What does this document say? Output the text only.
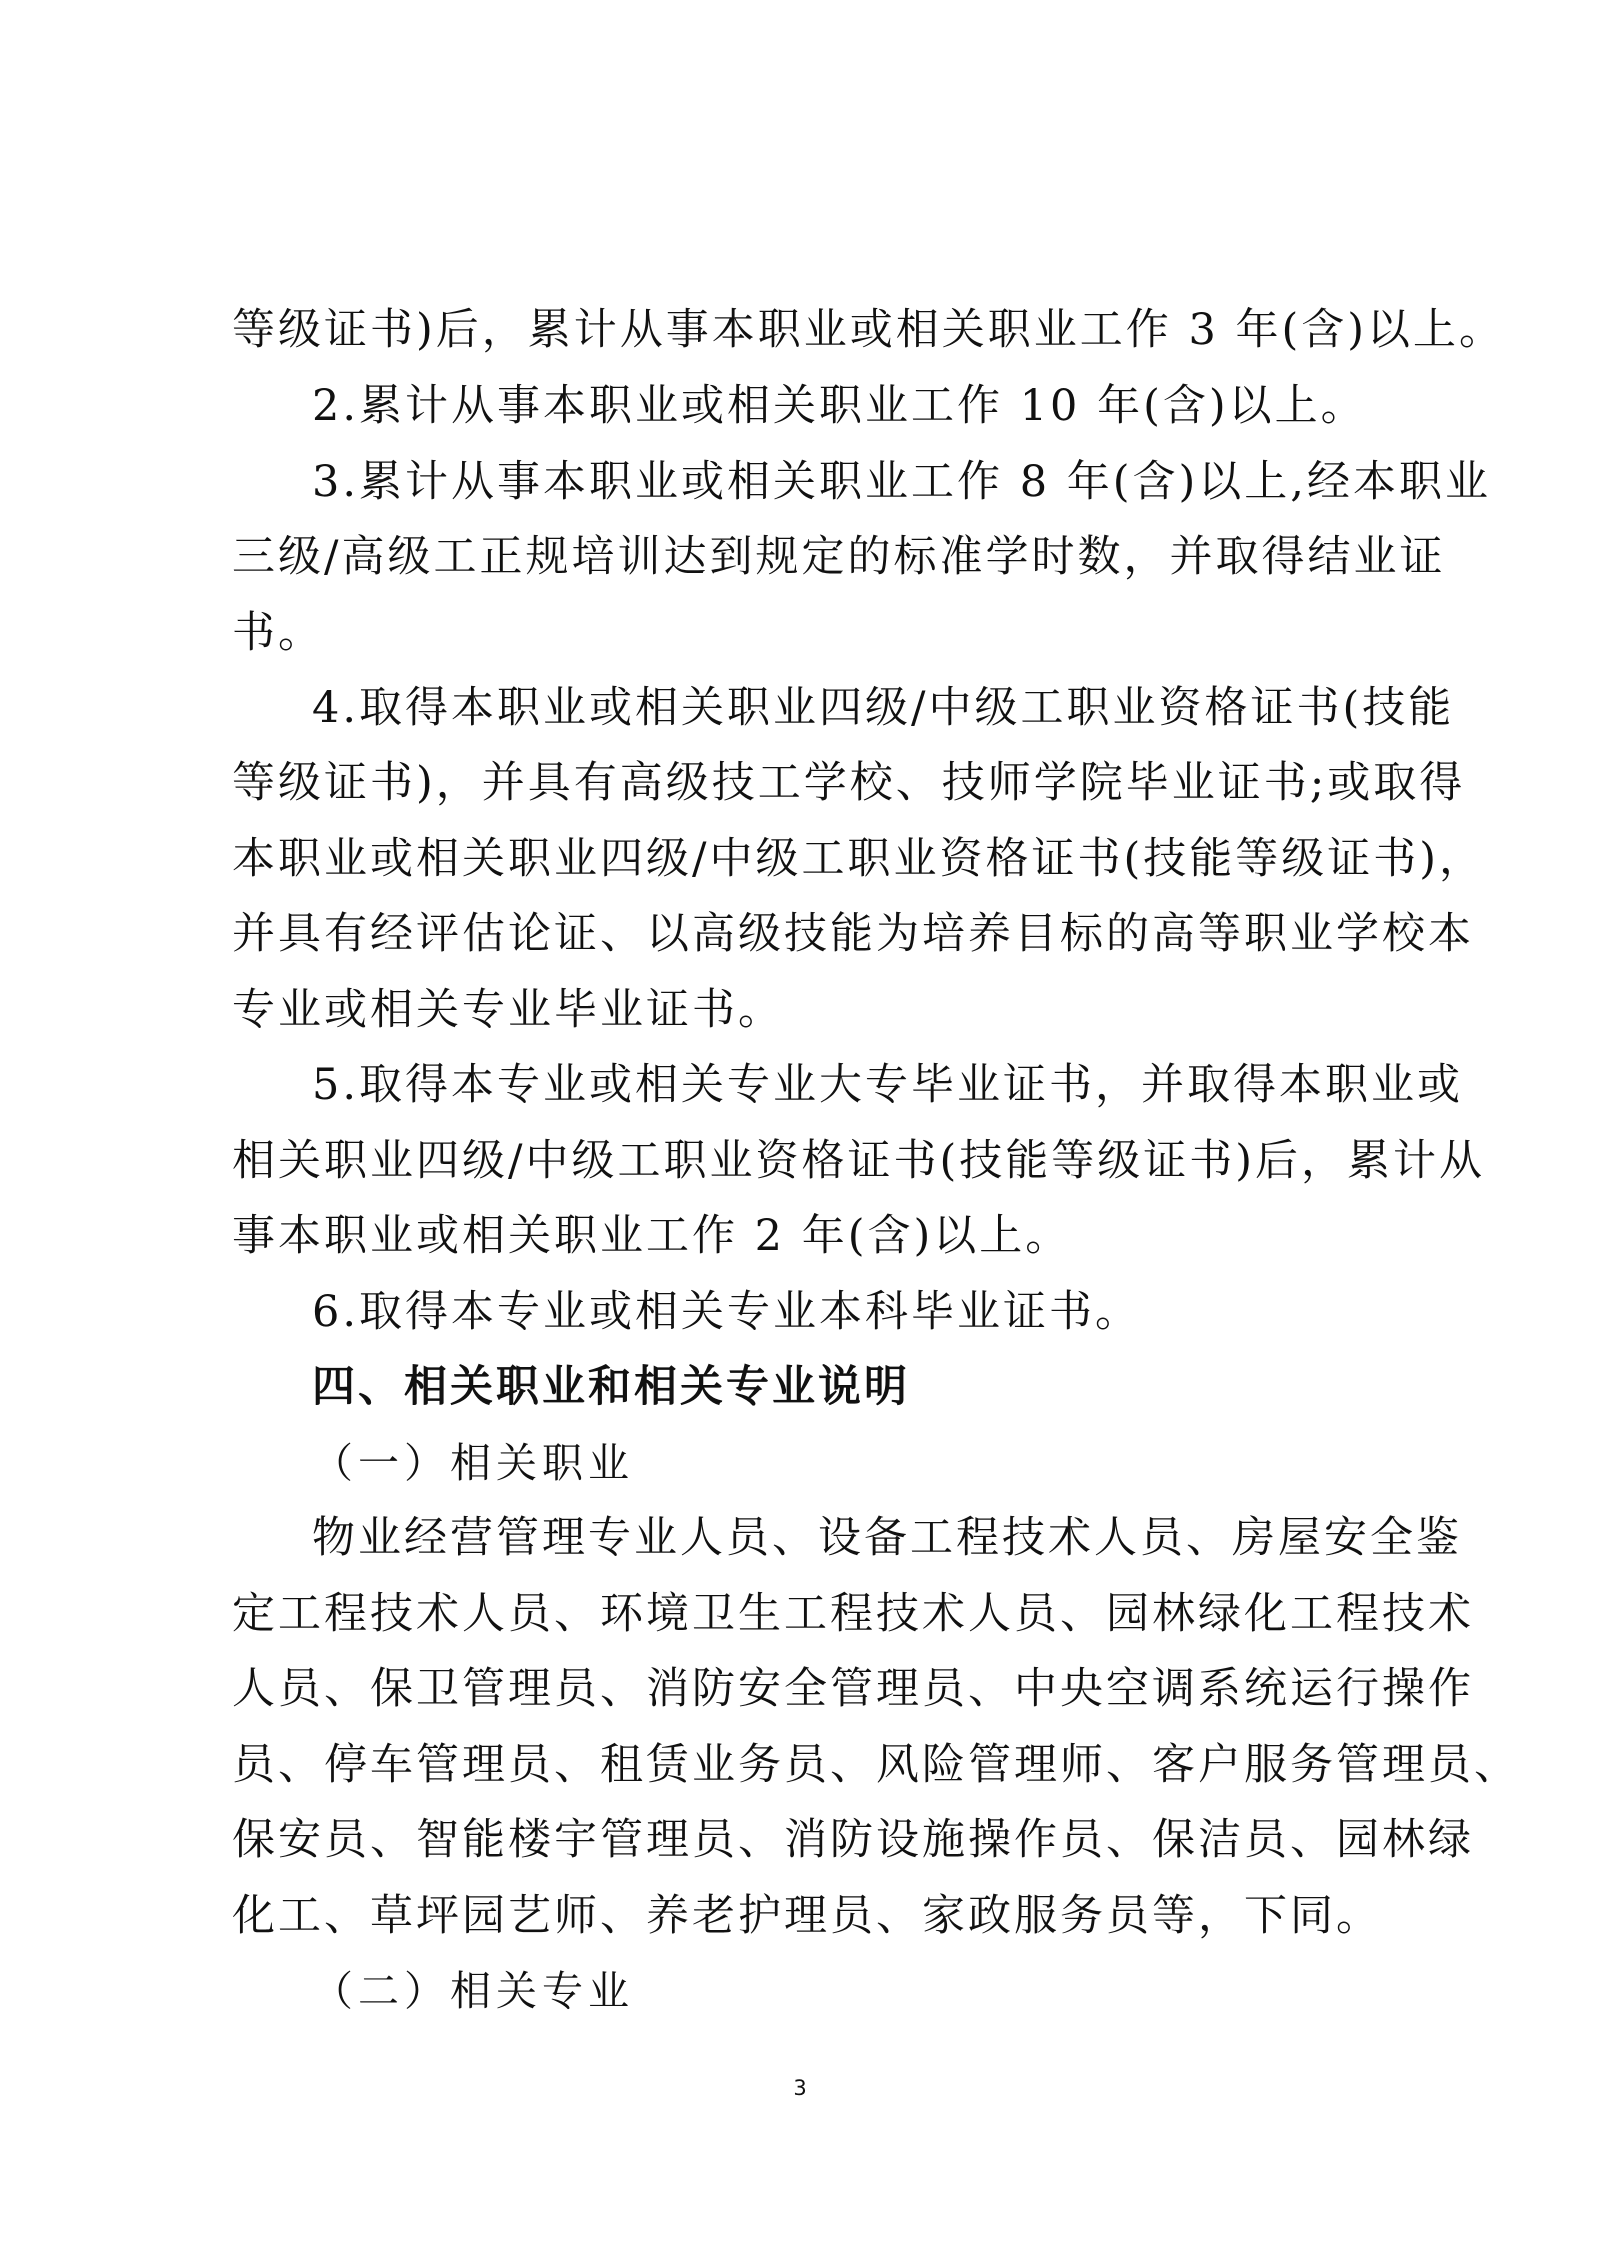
等级证书)后，累计从事本职业或相关职业工作 3 年(含)以上。
2.累计从事本职业或相关职业工作 10 年(含)以上。
3.累计从事本职业或相关职业工作 8 年(含)以上,经本职业
三级/高级工正规培训达到规定的标准学时数，并取得结业证
书。
4.取得本职业或相关职业四级/中级工职业资格证书(技能
等级证书)，并具有高级技工学校、技师学院毕业证书;或取得
本职业或相关职业四级/中级工职业资格证书(技能等级证书)，
并具有经评估论证、以高级技能为培养目标的高等职业学校本
专业或相关专业毕业证书。
5.取得本专业或相关专业大专毕业证书，并取得本职业或
相关职业四级/中级工职业资格证书(技能等级证书)后，累计从
事本职业或相关职业工作 2 年(含)以上。
6.取得本专业或相关专业本科毕业证书。
四、相关职业和相关专业说明
（一）相关职业
物业经营管理专业人员、设备工程技术人员、房屋安全鉴
定工程技术人员、环境卫生工程技术人员、园林绿化工程技术
人员、保卫管理员、消防安全管理员、中央空调系统运行操作
员、停车管理员、租赁业务员、风险管理师、客户服务管理员、
保安员、智能楼宇管理员、消防设施操作员、保洁员、园林绿
化工、草坪园艺师、养老护理员、家政服务员等，下同。
（二）相关专业
3
